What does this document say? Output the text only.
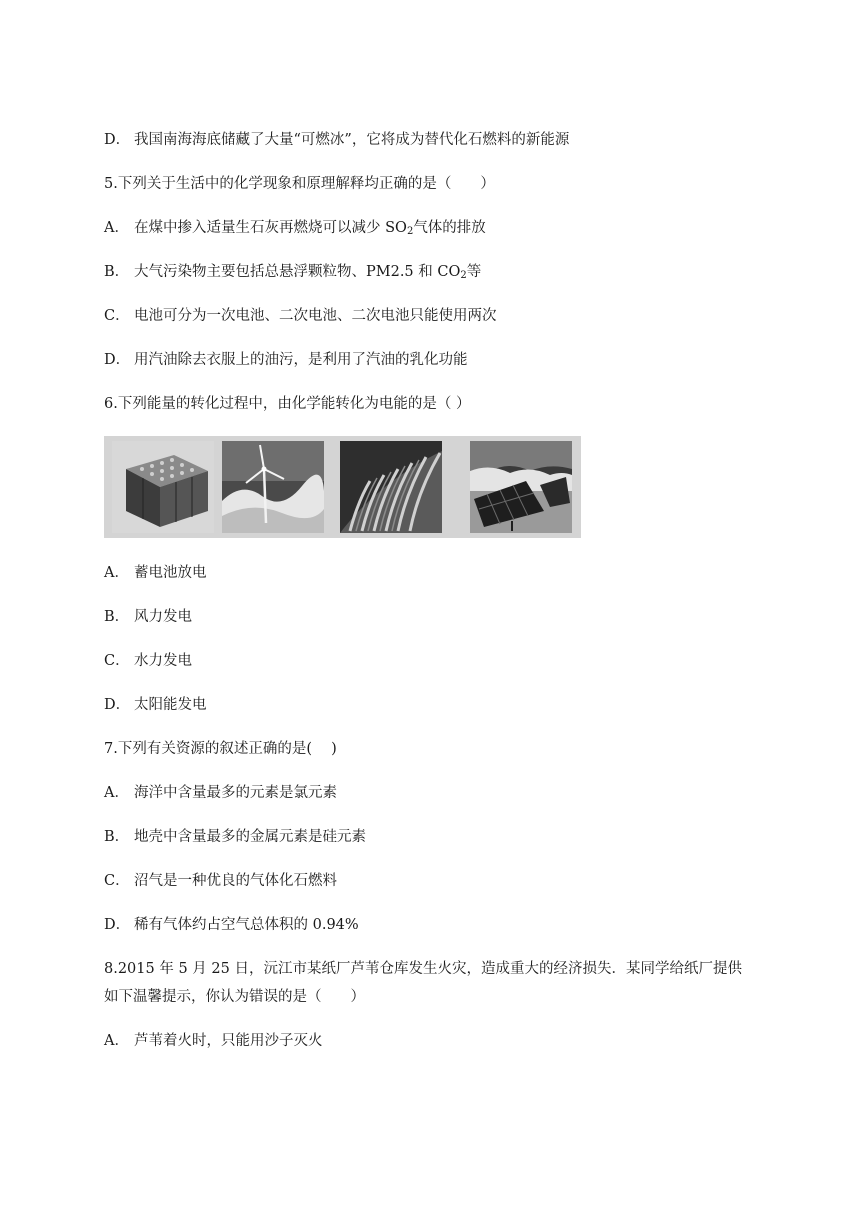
D． 我国南海海底储藏了大量“可燃冰”，它将成为替代化石燃料的新能源
5.下列关于生活中的化学现象和原理解释均正确的是（　　）
A． 在煤中掺入适量生石灰再燃烧可以减少 $SO_2$气体的排放
B． 大气污染物主要包括总悬浮颗粒物、PM2.5 和 $CO_2$等
C． 电池可分为一次电池、二次电池、二次电池只能使用两次
D． 用汽油除去衣服上的油污，是利用了汽油的乳化功能
6.下列能量的转化过程中，由化学能转化为电能的是（ ）
A． 蓄电池放电
B． 风力发电
C． 水力发电
D． 太阳能发电
7.下列有关资源的叙述正确的是(　 )
A． 海洋中含量最多的元素是氯元素
B． 地壳中含量最多的金属元素是硅元素
C． 沼气是一种优良的气体化石燃料
D． 稀有气体约占空气总体积的 0.94%
8.2015 年 5 月 25 日，沅江市某纸厂芦苇仓库发生火灾，造成重大的经济损失．某同学给纸厂提供
如下温馨提示，你认为错误的是（　　）
A． 芦苇着火时，只能用沙子灭火
